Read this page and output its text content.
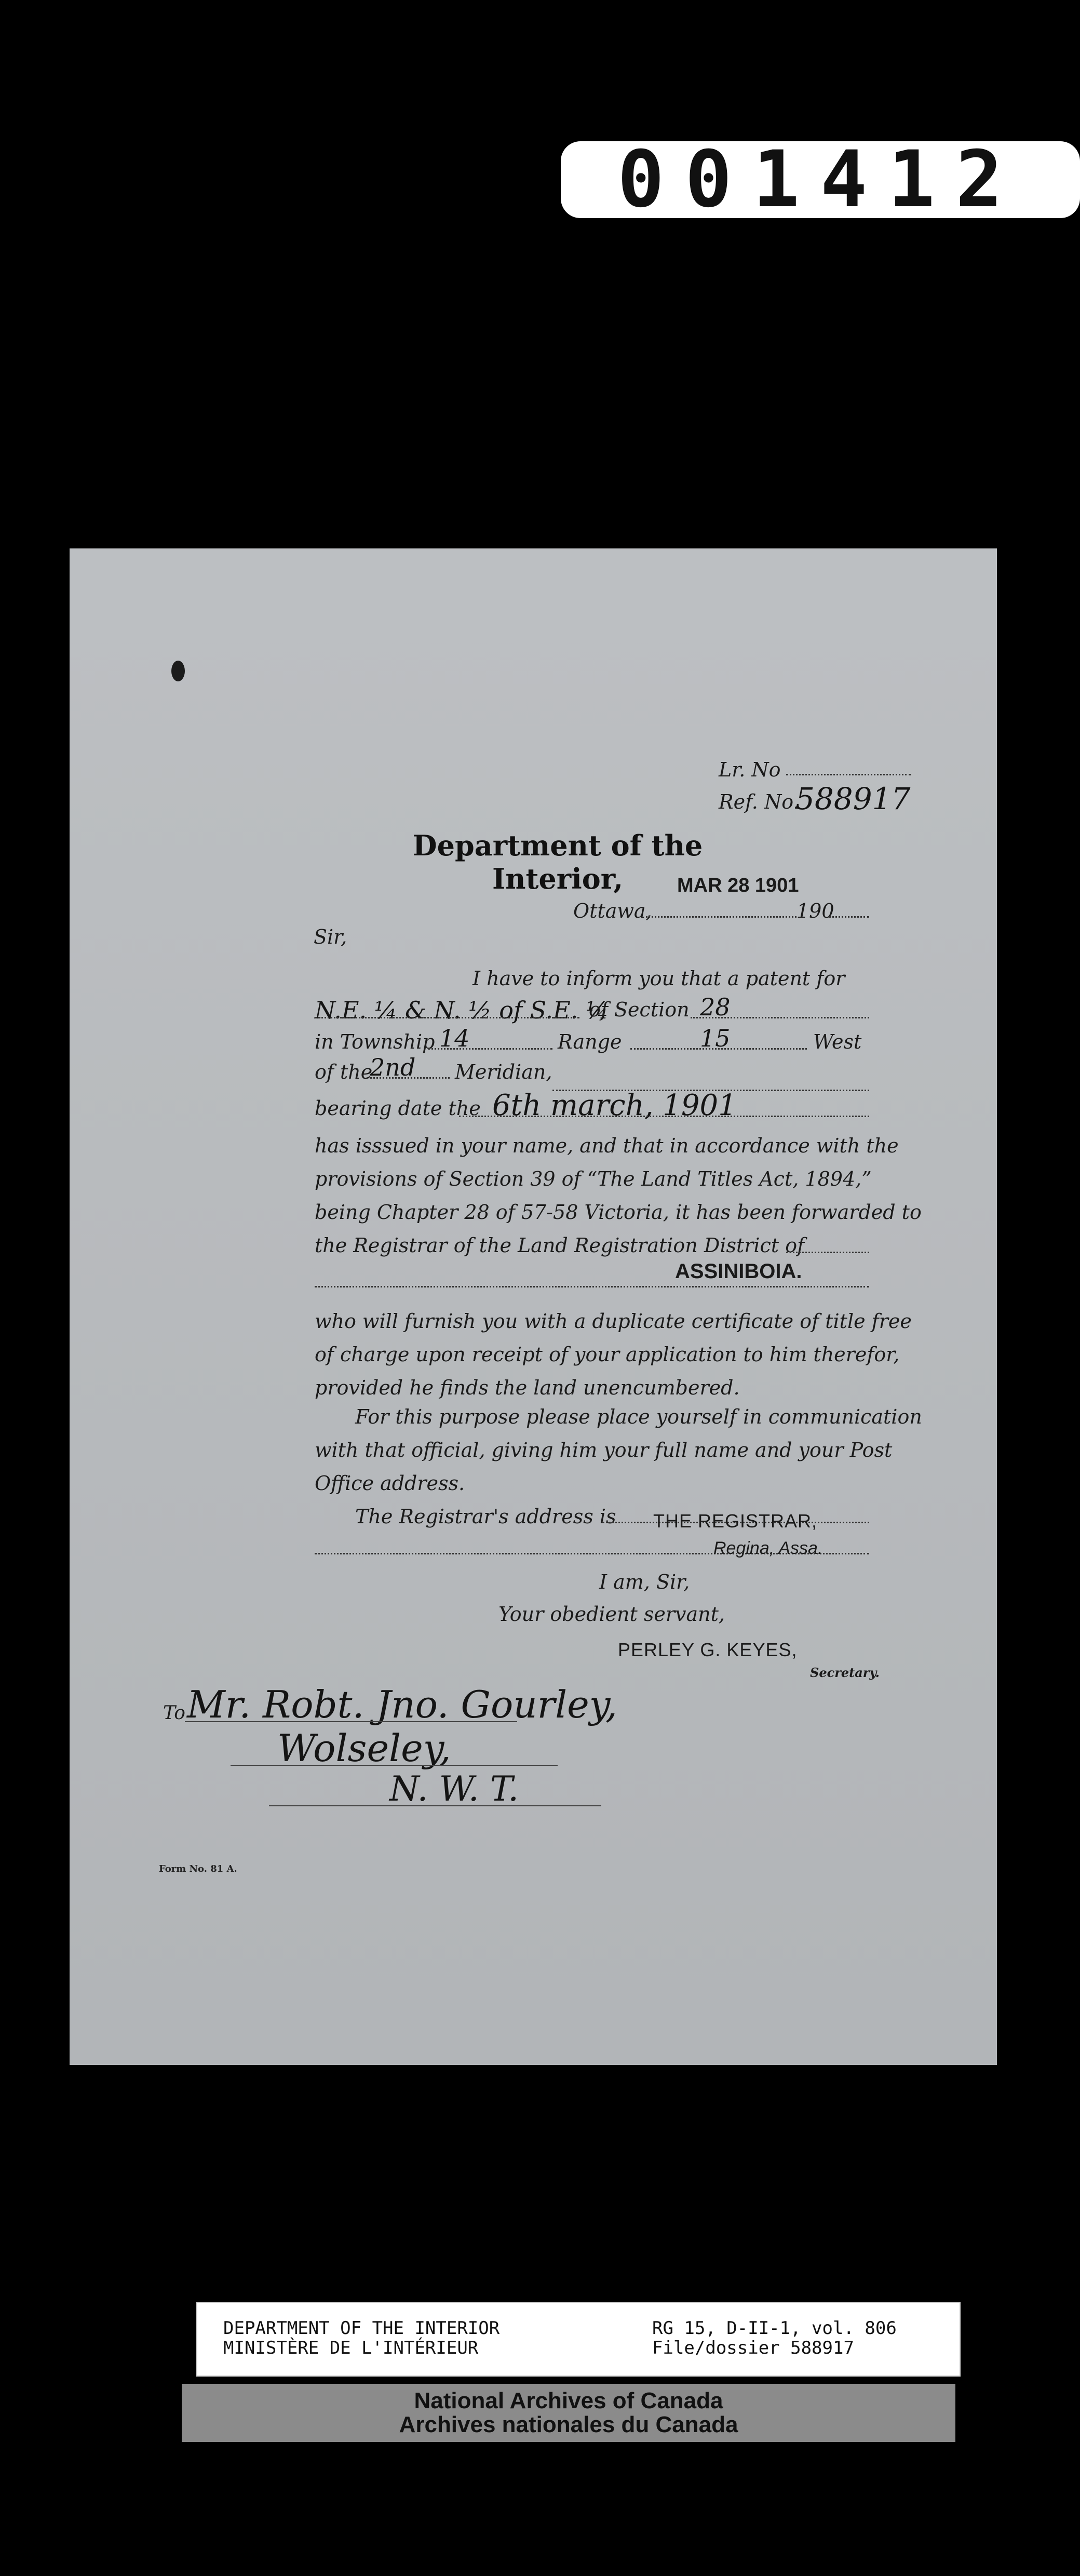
001412
Lr. No
Ref. No.
588917
Department of the Interior,	MAR 28 1901
Ottawa,	190
Sir,
I have to inform you that a patent for
N.E. ¼ & N. ½ of S.E. ¼
of Section 28
in Township 14	Range	15	West
of the
2nd Meridian,
bearing date the 6th march, 1901
has isssued in your name, and that in accordance with the
provisions of Section 39 of “The Land Titles Act, 1894,”
being Chapter 28 of 57-58 Victoria, it has been forwarded to
the Registrar of the Land Registration District of
ASSINIBOIA.
who will furnish you with a duplicate certificate of title free
of charge upon receipt of your application to him therefor,
provided he finds the land unencumbered.
For this purpose please place yourself in communication
with that official, giving him your full name and your Post
Office address.
The Registrar's address is THE REGISTRAR,
Regina, Assa.
I am, Sir,
Your obedient servant,
PERLEY G. KEYES,
Secretary.
To Mr. Robt. Jno. Gourley,
Wolseley,
N. W. T.
Form No. 81 A.
DEPARTMENT OF THE INTERIOR
MINISTÈRE DE L'INTÉRIEUR
RG 15, D-II-1, vol. 806
File/dossier 588917
National Archives of Canada
Archives nationales du Canada
